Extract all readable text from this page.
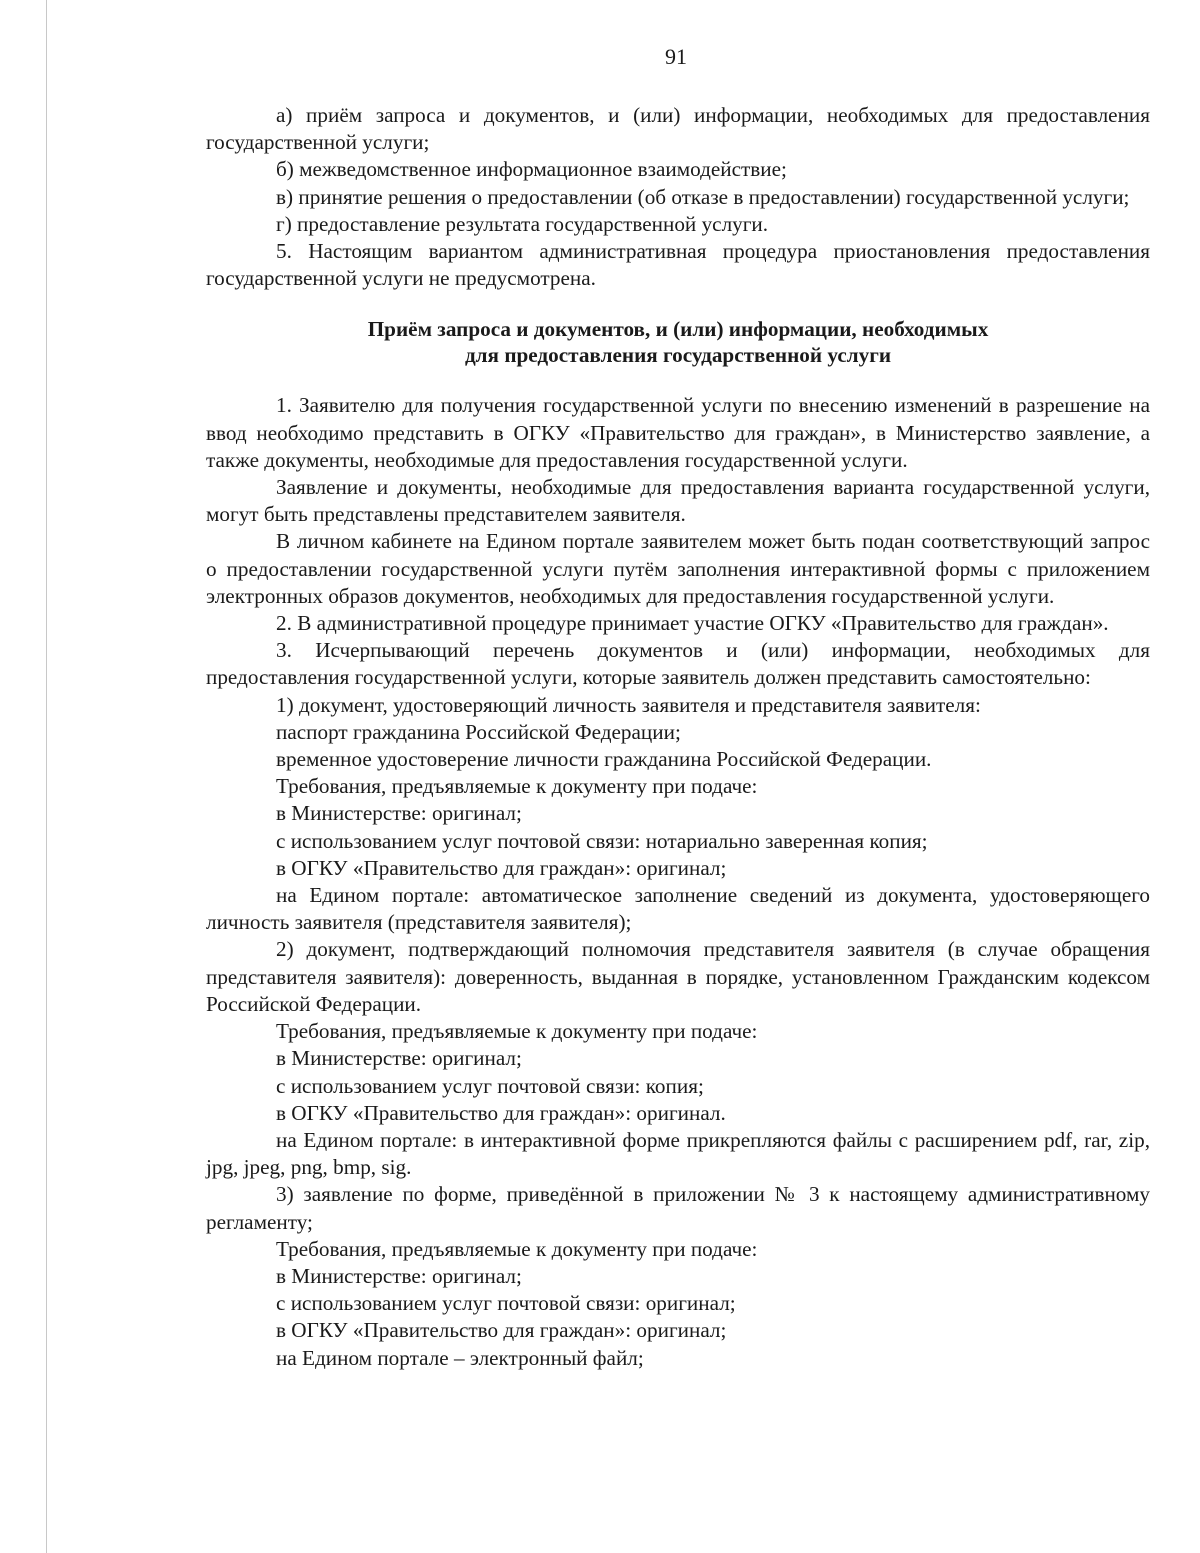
91

а) приём запроса и документов, и (или) информации, необходимых для предоставления государственной услуги;

б) межведомственное информационное взаимодействие;

в) принятие решения о предоставлении (об отказе в предоставлении) государственной услуги;

г) предоставление результата государственной услуги.

5. Настоящим вариантом административная процедура приостановления предоставления государственной услуги не предусмотрена.

Приём запроса и документов, и (или) информации, необходимых
для предоставления государственной услуги

1. Заявителю для получения государственной услуги по внесению изменений в разрешение на ввод необходимо представить в ОГКУ «Правительство для граждан», в Министерство заявление, а также документы, необходимые для предоставления государственной услуги.

Заявление и документы, необходимые для предоставления варианта государственной услуги, могут быть представлены представителем заявителя.

В личном кабинете на Едином портале заявителем может быть подан соответствующий запрос о предоставлении государственной услуги путём заполнения интерактивной формы с приложением электронных образов документов, необходимых для предоставления государственной услуги.

2. В административной процедуре принимает участие ОГКУ «Правительство для граждан».

3. Исчерпывающий перечень документов и (или) информации, необходимых для предоставления государственной услуги, которые заявитель должен представить самостоятельно:

1) документ, удостоверяющий личность заявителя и представителя заявителя:

паспорт гражданина Российской Федерации;

временное удостоверение личности гражданина Российской Федерации.

Требования, предъявляемые к документу при подаче:

в Министерстве: оригинал;

с использованием услуг почтовой связи: нотариально заверенная копия;

в ОГКУ «Правительство для граждан»: оригинал;

на Едином портале: автоматическое заполнение сведений из документа, удостоверяющего личность заявителя (представителя заявителя);

2) документ, подтверждающий полномочия представителя заявителя (в случае обращения представителя заявителя): доверенность, выданная в порядке, установленном Гражданским кодексом Российской Федерации.

Требования, предъявляемые к документу при подаче:

в Министерстве: оригинал;

с использованием услуг почтовой связи: копия;

в ОГКУ «Правительство для граждан»: оригинал.

на Едином портале: в интерактивной форме прикрепляются файлы с расширением pdf, rar, zip, jpg, jpeg, png, bmp, sig.

3) заявление по форме, приведённой в приложении № 3 к настоящему административному регламенту;

Требования, предъявляемые к документу при подаче:

в Министерстве: оригинал;

с использованием услуг почтовой связи: оригинал;

в ОГКУ «Правительство для граждан»: оригинал;

на Едином портале – электронный файл;
